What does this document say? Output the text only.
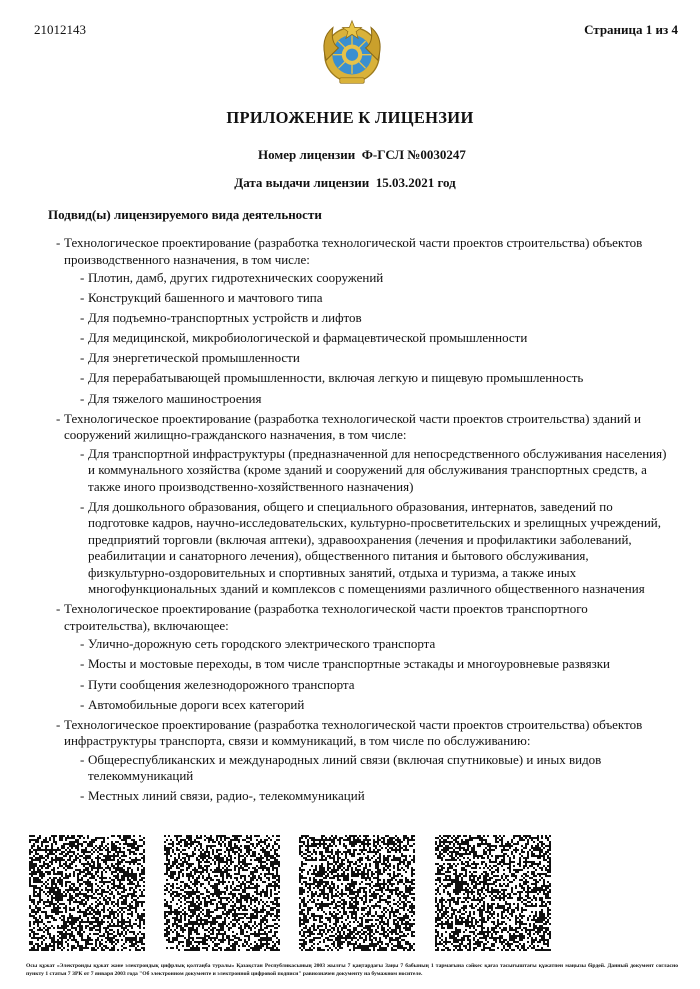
21012143	Страница 1 из 4
ПРИЛОЖЕНИЕ К ЛИЦЕНЗИИ
Номер лицензии Ф-ГСЛ №0030247
Дата выдачи лицензии 15.03.2021 год
Подвид(ы) лицензируемого вида деятельности
- Технологическое проектирование (разработка технологической части проектов строительства) объектов производственного назначения, в том числе:
- Плотин, дамб, других гидротехнических сооружений
- Конструкций башенного и мачтового типа
- Для подъемно-транспортных устройств и лифтов
- Для медицинской, микробиологической и фармацевтической промышленности
- Для энергетической промышленности
- Для перерабатывающей промышленности, включая легкую и пищевую промышленность
- Для тяжелого машиностроения
- Технологическое проектирование (разработка технологической части проектов строительства) зданий и сооружений жилищно-гражданского назначения, в том числе:
- Для транспортной инфраструктуры (предназначенной для непосредственного обслуживания населения) и коммунального хозяйства (кроме зданий и сооружений для обслуживания транспортных средств, а также иного производственно-хозяйственного назначения)
- Для дошкольного образования, общего и специального образования, интернатов, заведений по подготовке кадров, научно-исследовательских, культурно-просветительских и зрелищных учреждений, предприятий торговли (включая аптеки), здравоохранения (лечения и профилактики заболеваний, реабилитации и санаторного лечения), общественного питания и бытового обслуживания, физкультурно-оздоровительных и спортивных занятий, отдыха и туризма, а также иных многофункциональных зданий и комплексов с помещениями различного общественного назначения
- Технологическое проектирование (разработка технологической части проектов транспортного строительства), включающее:
- Улично-дорожную сеть городского электрического транспорта
- Мосты и мостовые переходы, в том числе транспортные эстакады и многоуровневые развязки
- Пути сообщения железнодорожного транспорта
- Автомобильные дороги всех категорий
- Технологическое проектирование (разработка технологической части проектов строительства) объектов инфраструктуры транспорта, связи и коммуникаций, в том числе по обслуживанию:
- Общереспубликанских и международных линий связи (включая спутниковые) и иных видов телекоммуникаций
- Местных линий связи, радио-, телекоммуникаций
Осы құжат «Электронды құжат және электрондық цифрлық қолтаңба туралы» Қазақстан Республикасының 2003 жылғы 7 қаңтардағы Заңы 7 бабының 1 тармағына сәйкес қағаз тасығыштағы құжатпен маңызы бірдей. Данный документ согласно пункту 1 статьи 7 ЗРК от 7 января 2003 года "Об электронном документе и электронной цифровой подписи" равнозначен документу на бумажном носителе.
